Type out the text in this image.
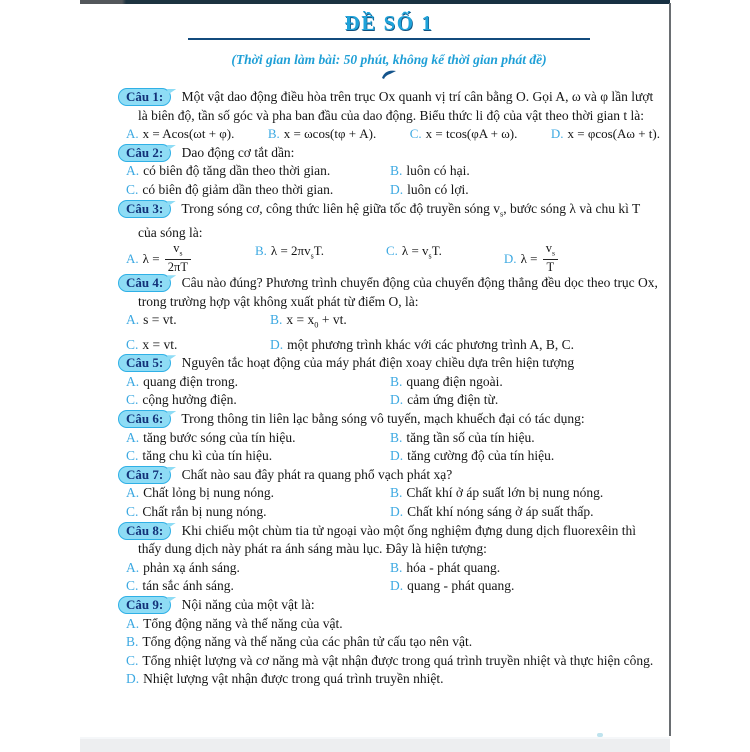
ĐỀ SỐ 1
(Thời gian làm bài: 50 phút, không kể thời gian phát đề)

Câu 1: Một vật dao động điều hòa trên trục Ox quanh vị trí cân bằng O. Gọi A, ω và φ lần lượt là biên độ, tần số góc và pha ban đầu của dao động. Biểu thức li độ của vật theo thời gian t là:

A. x = Acos(ωt + φ).	B. x = ωcos(tφ + A).	C. x = tcos(φA + ω).	D. x = φcos(Aω + t).

Câu 2: Dao động cơ tắt dần:

A. có biên độ tăng dần theo thời gian.	B. luôn có hại.
C. có biên độ giảm dần theo thời gian.	D. luôn có lợi.

Câu 3: Trong sóng cơ, công thức liên hệ giữa tốc độ truyền sóng $v_s$, bước sóng λ và chu kì T của sóng là:

A. $\lambda = \frac{v_s}{2\pi T}$	B. $\lambda = 2\pi v_sT$.	C. $\lambda = v_sT$.
D. $\lambda = \frac{v_s}{T}$

Câu 4: Câu nào đúng? Phương trình chuyển động của chuyển động thẳng đều dọc theo trục Ox, trong trường hợp vật không xuất phát từ điểm O, là:

A. s = vt.	B. $x = x_0$ + vt.
C. x = vt.	D. một phương trình khác với các phương trình A, B, C.

Câu 5: Nguyên tắc hoạt động của máy phát điện xoay chiều dựa trên hiện tượng

A. quang điện trong.	B. quang điện ngoài.
C. cộng hưởng điện.	D. cảm ứng điện từ.

Câu 6: Trong thông tin liên lạc bằng sóng vô tuyến, mạch khuếch đại có tác dụng:

A. tăng bước sóng của tín hiệu.	B. tăng tần số của tín hiệu.
C. tăng chu kì của tín hiệu.	D. tăng cường độ của tín hiệu.

Câu 7: Chất nào sau đây phát ra quang phổ vạch phát xạ?

A. Chất lỏng bị nung nóng.	B. Chất khí ở áp suất lớn bị nung nóng.
C. Chất rắn bị nung nóng.	D. Chất khí nóng sáng ở áp suất thấp.

Câu 8: Khi chiếu một chùm tia tử ngoại vào một ống nghiệm đựng dung dịch fluorexêin thì thấy dung dịch này phát ra ánh sáng màu lục. Đây là hiện tượng:

A. phản xạ ánh sáng.	B. hóa - phát quang.
C. tán sắc ánh sáng.	D. quang - phát quang.

Câu 9: Nội năng của một vật là:

A. Tổng động năng và thế năng của vật.
B. Tổng động năng và thế năng của các phân tử cấu tạo nên vật.
C. Tổng nhiệt lượng và cơ năng mà vật nhận được trong quá trình truyền nhiệt và thực hiện công.
D. Nhiệt lượng vật nhận được trong quá trình truyền nhiệt.
